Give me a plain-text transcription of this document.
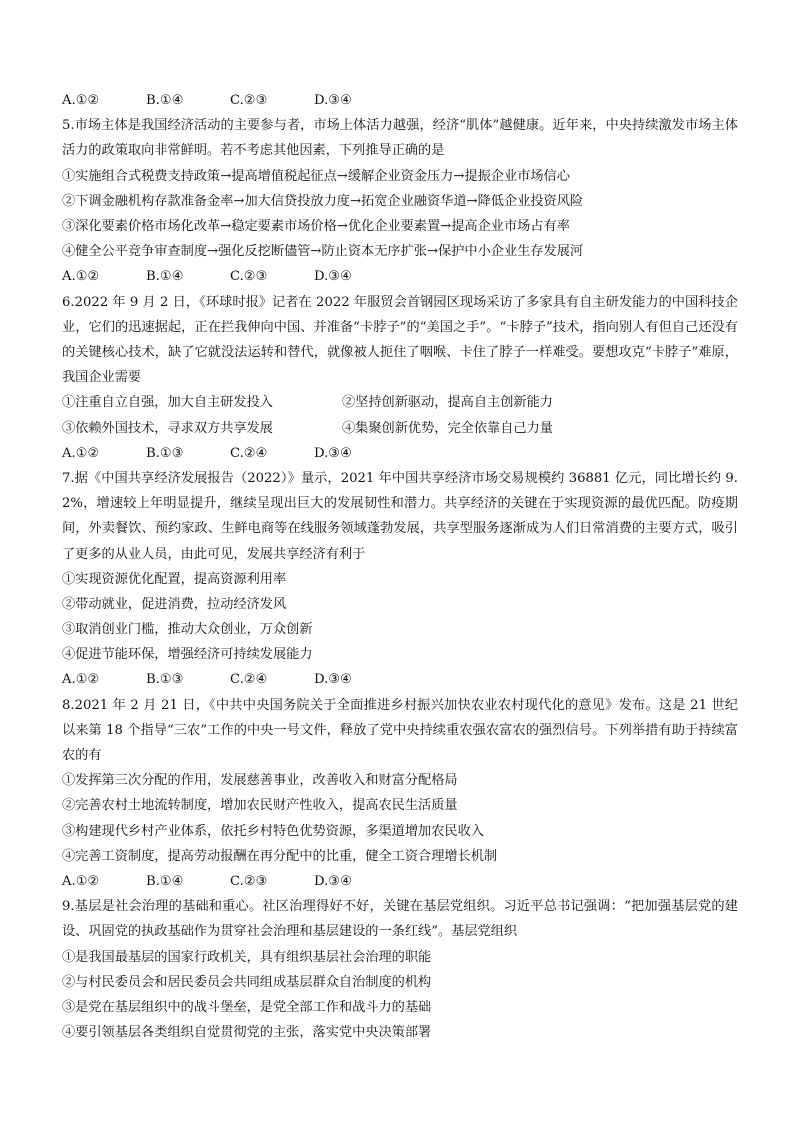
A.①②	B.①④	C.②③	D.③④
5.市场主体是我国经济活动的主要参与者，市场上体活力越强，经济“肌体”越健康。近年来，中央持续激发市场主体活力的政策取向非常鲜明。若不考虑其他因素，下列推导正确的是
①实施组合式税费支持政策→提高增值税起征点→缓解企业资金压力→提振企业市场信心
②下调金融机构存款准备金率→加大信贷投放力度→拓宽企业融资华道→降低企业投资风险
③深化要素价格市场化改革→稳定要素市场价格→优化企业要素置→提高企业市场占有率
④健全公平竞争审查制度→强化反挖断儘管→防止资本无序扩张→保护中小企业生存发展河
A.①②	B.①④	C.②③	D.③④
6.2022 年 9 月 2 日，《环球时报》记者在 2022 年服贸会首钢园区现场采访了多家具有自主研发能力的中国科技企业，它们的迅速据起，正在拦我伸向中国、并准备“卡脖子”的“美国之手”。“卡脖子”技术，指向别人有但自己还没有的关键核心技术，缺了它就没法运转和替代，就像被人扼住了咽喉、卡住了脖子一样难受。要想攻克“卡脖子”难原，我国企业需要
①注重自立自强，加大自主研发投入	②坚持创新驱动，提高自主创新能力
③依赖外国技术，寻求双方共享发展	④集聚创新优势，完全依靠自己力量
A.①②	B.①③	C.②④	D.③④
7.据《中国共享经济发展报告（2022）》量示，2021 年中国共享经济市场交易规模约 36881 亿元，同比增长约 9.2%，增速较上年明显提升，继续呈现出巨大的发展韧性和潜力。共享经济的关键在于实现资源的最优匹配。防疫期间，外卖餐饮、预约家政、生鲜电商等在线服务领域蓬勃发展，共享型服务逐渐成为人们日常消费的主要方式，吸引了更多的从业人员，由此可见，发展共享经济有利于
①实现资源优化配置，提高资源利用率
②带动就业，促进消费，拉动经济发风
③取消创业门槛，推动大众创业，万众创新
④促进节能环保，增强经济可持续发展能力
A.①②	B.①③	C.②④	D.③④
8.2021 年 2 月 21 日，《中共中央国务院关于全面推进乡村振兴加快农业农村现代化的意见》发布。这是 21 世纪以来第 18 个指导“三农”工作的中央一号文件，释放了党中央持续重农强农富农的强烈信号。下列举措有助于持续富农的有
①发挥第三次分配的作用，发展慈善事业，改善收入和财富分配格局
②完善农村土地流转制度，增加农民财产性收入，提高农民生活质量
③构建现代乡村产业体系，依托乡村特色优势资源，多渠道增加农民收入
④完善工资制度，提高劳动报酬在再分配中的比重，健全工资合理增长机制
A.①②	B.①④	C.②③	D.③④
9.基层是社会治理的基础和重心。社区治理得好不好，关键在基层党组织。习近平总书记强调：“把加强基层党的建设、巩固党的执政基础作为贯穿社会治理和基层建设的一条红线”。基层党组织
①是我国最基层的国家行政机关，具有组织基层社会治理的职能
②与村民委员会和居民委员会共同组成基层群众自治制度的机构
③是党在基层组织中的战斗堡垒，是党全部工作和战斗力的基础
④要引领基层各类组织自觉贯彻党的主张，落实党中央决策部署
